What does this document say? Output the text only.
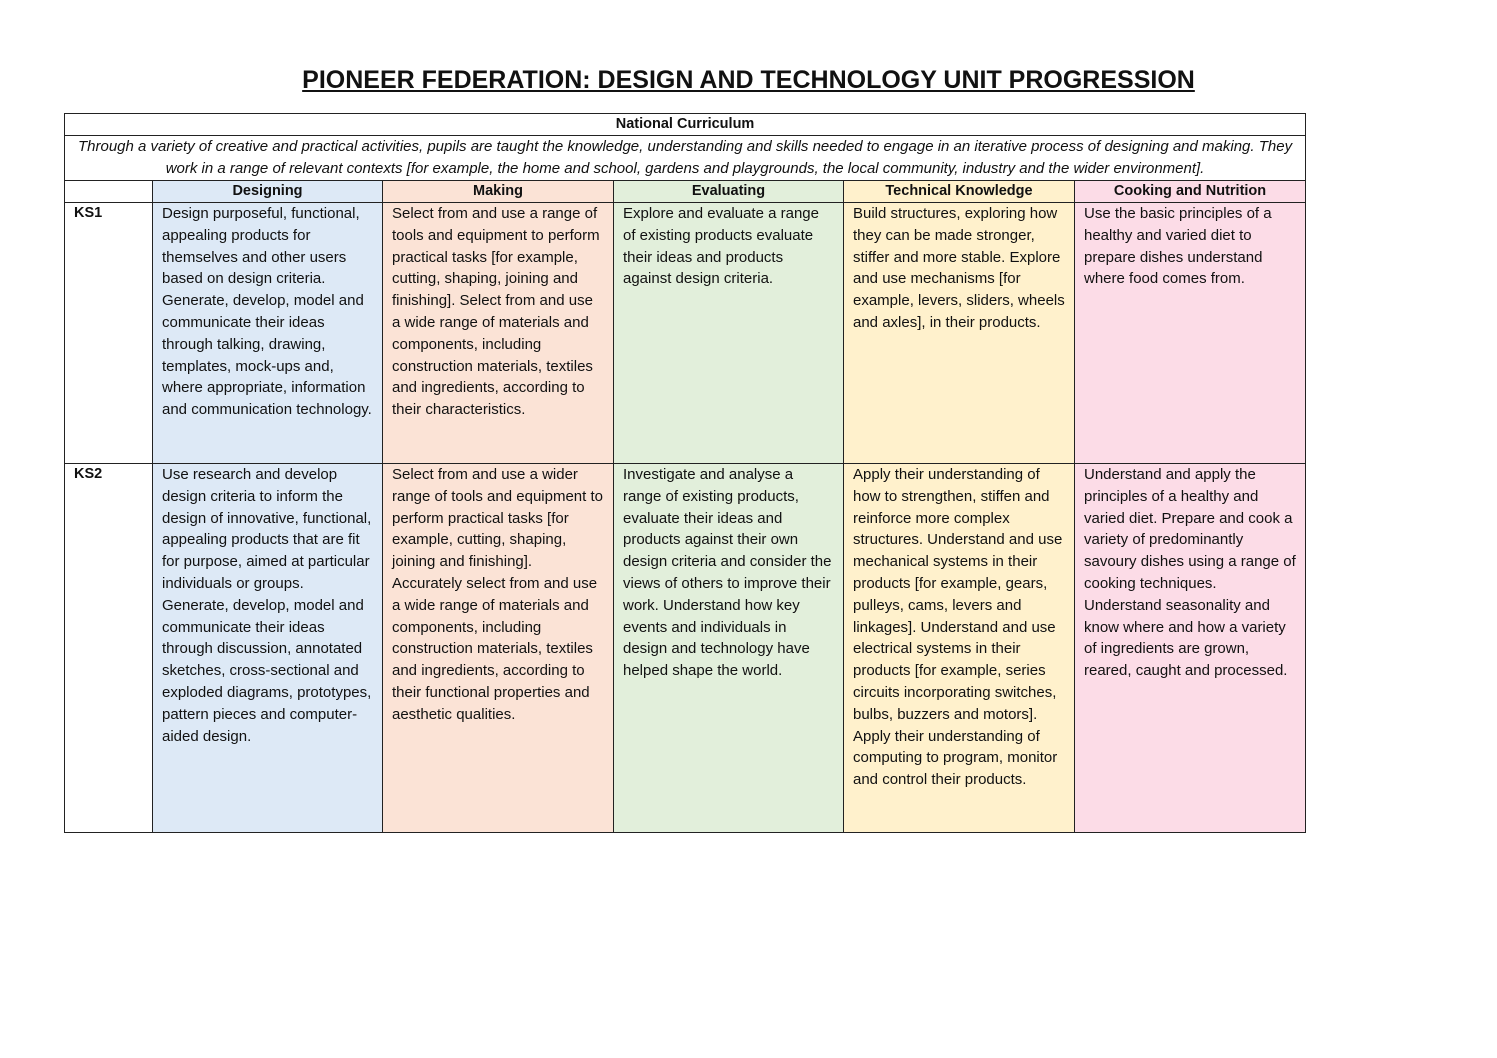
PIONEER FEDERATION: DESIGN AND TECHNOLOGY UNIT PROGRESSION
National Curriculum					
Through a variety of creative and practical activities, pupils are taught the knowledge, understanding and skills needed to engage in an iterative process of designing and making. They work in a range of relevant contexts [for example, the home and school, gardens and playgrounds, the local community, industry and the wider environment].					
	Designing	Making	Evaluating	Technical Knowledge	Cooking and Nutrition
KS1	Design purposeful, functional, appealing products for themselves and other users based on design criteria. Generate, develop, model and communicate their ideas through talking, drawing, templates, mock-ups and, where appropriate, information and communication technology.	Select from and use a range of tools and equipment to perform practical tasks [for example, cutting, shaping, joining and finishing]. Select from and use a wide range of materials and components, including construction materials, textiles and ingredients, according to their characteristics.	Explore and evaluate a range of existing products evaluate their ideas and products against design criteria.	Build structures, exploring how they can be made stronger, stiffer and more stable. Explore and use mechanisms [for example, levers, sliders, wheels and axles], in their products.	Use the basic principles of a healthy and varied diet to prepare dishes understand where food comes from.
KS2	Use research and develop design criteria to inform the design of innovative, functional, appealing products that are fit for purpose, aimed at particular individuals or groups. Generate, develop, model and communicate their ideas through discussion, annotated sketches, cross-sectional and exploded diagrams, prototypes, pattern pieces and computer-aided design.	Select from and use a wider range of tools and equipment to perform practical tasks [for example, cutting, shaping, joining and finishing]. Accurately select from and use a wide range of materials and components, including construction materials, textiles and ingredients, according to their functional properties and aesthetic qualities.	Investigate and analyse a range of existing products, evaluate their ideas and products against their own design criteria and consider the views of others to improve their work. Understand how key events and individuals in design and technology have helped shape the world.	Apply their understanding of how to strengthen, stiffen and reinforce more complex structures. Understand and use mechanical systems in their products [for example, gears, pulleys, cams, levers and linkages]. Understand and use electrical systems in their products [for example, series circuits incorporating switches, bulbs, buzzers and motors]. Apply their understanding of computing to program, monitor and control their products.	Understand and apply the principles of a healthy and varied diet. Prepare and cook a variety of predominantly savoury dishes using a range of cooking techniques. Understand seasonality and know where and how a variety of ingredients are grown, reared, caught and processed.
